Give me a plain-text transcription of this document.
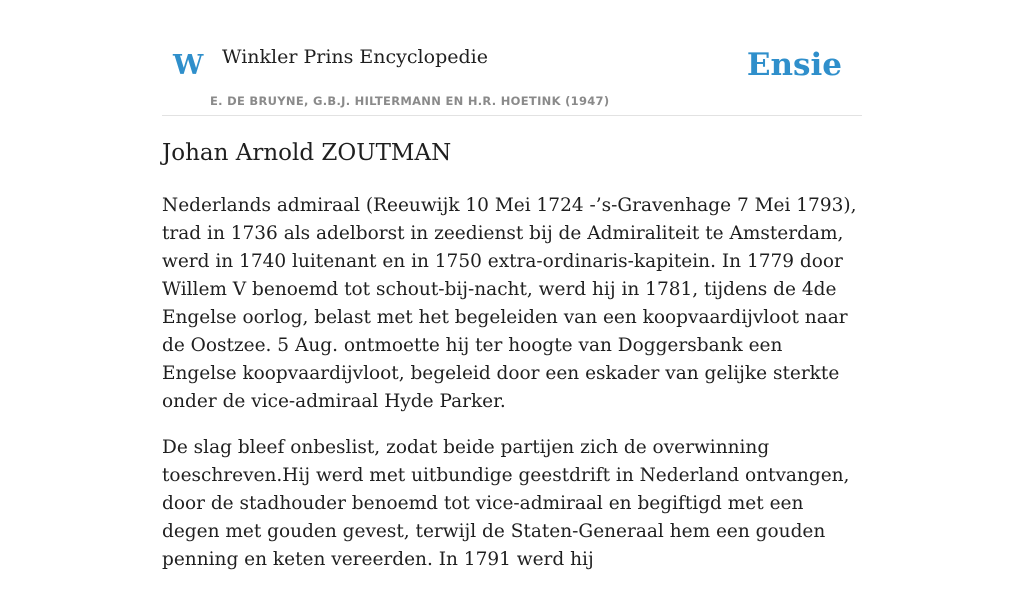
W Winkler Prins Encyclopedie
E. DE BRUYNE, G.B.J. HILTERMANN EN H.R. HOETINK (1947)
Ensie
Johan Arnold ZOUTMAN

Nederlands admiraal (Reeuwijk 10 Mei 1724 -’s-Gravenhage 7 Mei 1793), trad in 1736 als adelborst in zeedienst bij de Admiraliteit te Amsterdam, werd in 1740 luitenant en in 1750 extra-ordinaris-kapitein. In 1779 door Willem V benoemd tot schout-bij-nacht, werd hij in 1781, tijdens de 4de Engelse oorlog, belast met het begeleiden van een koopvaardijvloot naar de Oostzee. 5 Aug. ontmoette hij ter hoogte van Doggersbank een Engelse koopvaardijvloot, begeleid door een eskader van gelijke sterkte onder de vice-admiraal Hyde Parker.

De slag bleef onbeslist, zodat beide partijen zich de overwinning toeschreven.Hij werd met uitbundige geestdrift in Nederland ontvangen, door de stadhouder benoemd tot vice-admiraal en begiftigd met een degen met gouden gevest, terwijl de Staten-Generaal hem een gouden penning en keten vereerden. In 1791 werd hij
